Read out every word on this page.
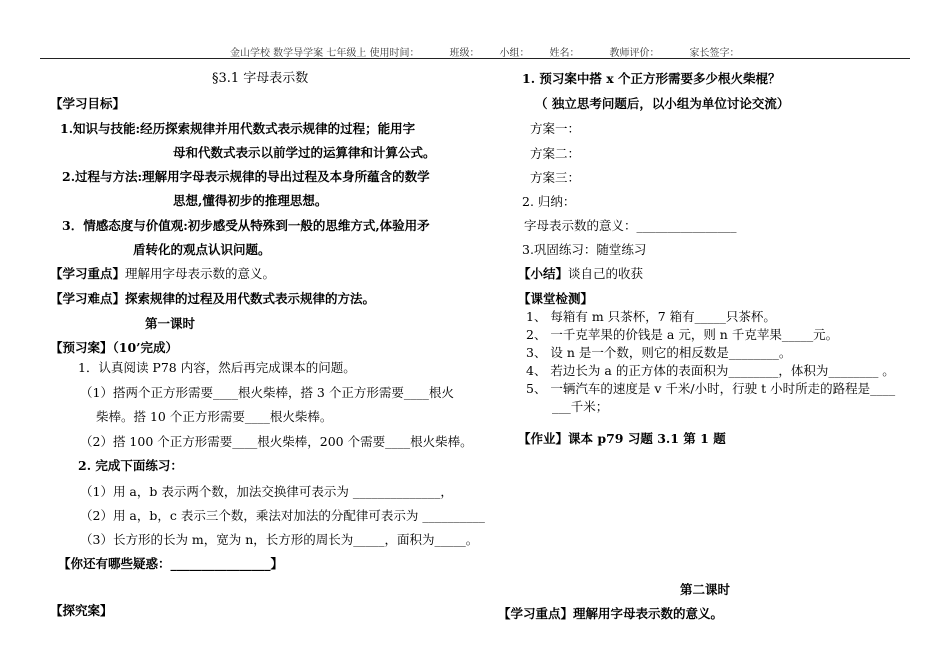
金山学校 数学导学案 七年级上 使用时间：______班级：____小组：____姓名：______教师评价：______家长签字：______
§3.1 字母表示数
【学习目标】
1.知识与技能:经历探索规律并用代数式表示规律的过程；能用字
母和代数式表示以前学过的运算律和计算公式。
2.过程与方法:理解用字母表示规律的导出过程及本身所蕴含的数学
思想,懂得初步的推理思想。
3．情感态度与价值观:初步感受从特殊到一般的思维方式,体验用矛
盾转化的观点认识问题。
【学习重点】理解用字母表示数的意义。
【学习难点】探索规律的过程及用代数式表示规律的方法。
第一课时
【预习案】（10’完成）
1．认真阅读 P78 内容，然后再完成课本的问题。
（1）搭两个正方形需要____根火柴棒，搭 3 个正方形需要____根火
柴棒。搭 10 个正方形需要____根火柴棒。
（2）搭 100 个正方形需要____根火柴棒，200 个需要____根火柴棒。
2. 完成下面练习：
（1）用 a，b 表示两个数，加法交换律可表示为 ______________，
（2）用 a，b，c 表示三个数，乘法对加法的分配律可表示为 __________
（3）长方形的长为 m，宽为 n，长方形的周长为_____，面积为_____。
【你还有哪些疑惑：________________】
【探究案】
1. 预习案中搭 x 个正方形需要多少根火柴棍？
（ 独立思考问题后，以小组为单位讨论交流）
方案一：
方案二：
方案三：
2. 归纳：
字母表示数的意义：________________
3.巩固练习：随堂练习
【小结】谈自己的收获
【课堂检测】
1、 每箱有 m 只茶杯，7 箱有_____只茶杯。
2、 一千克苹果的价钱是 a 元，则 n 千克苹果_____元。
3、 设 n 是一个数，则它的相反数是________。
4、 若边长为 a 的正方体的表面积为________，体积为________ 。
5、 一辆汽车的速度是 v 千米/小时，行驶 t 小时所走的路程是____
___千米；
【作业】课本 p79 习题 3.1 第 1 题
第二课时
【学习重点】理解用字母表示数的意义。
